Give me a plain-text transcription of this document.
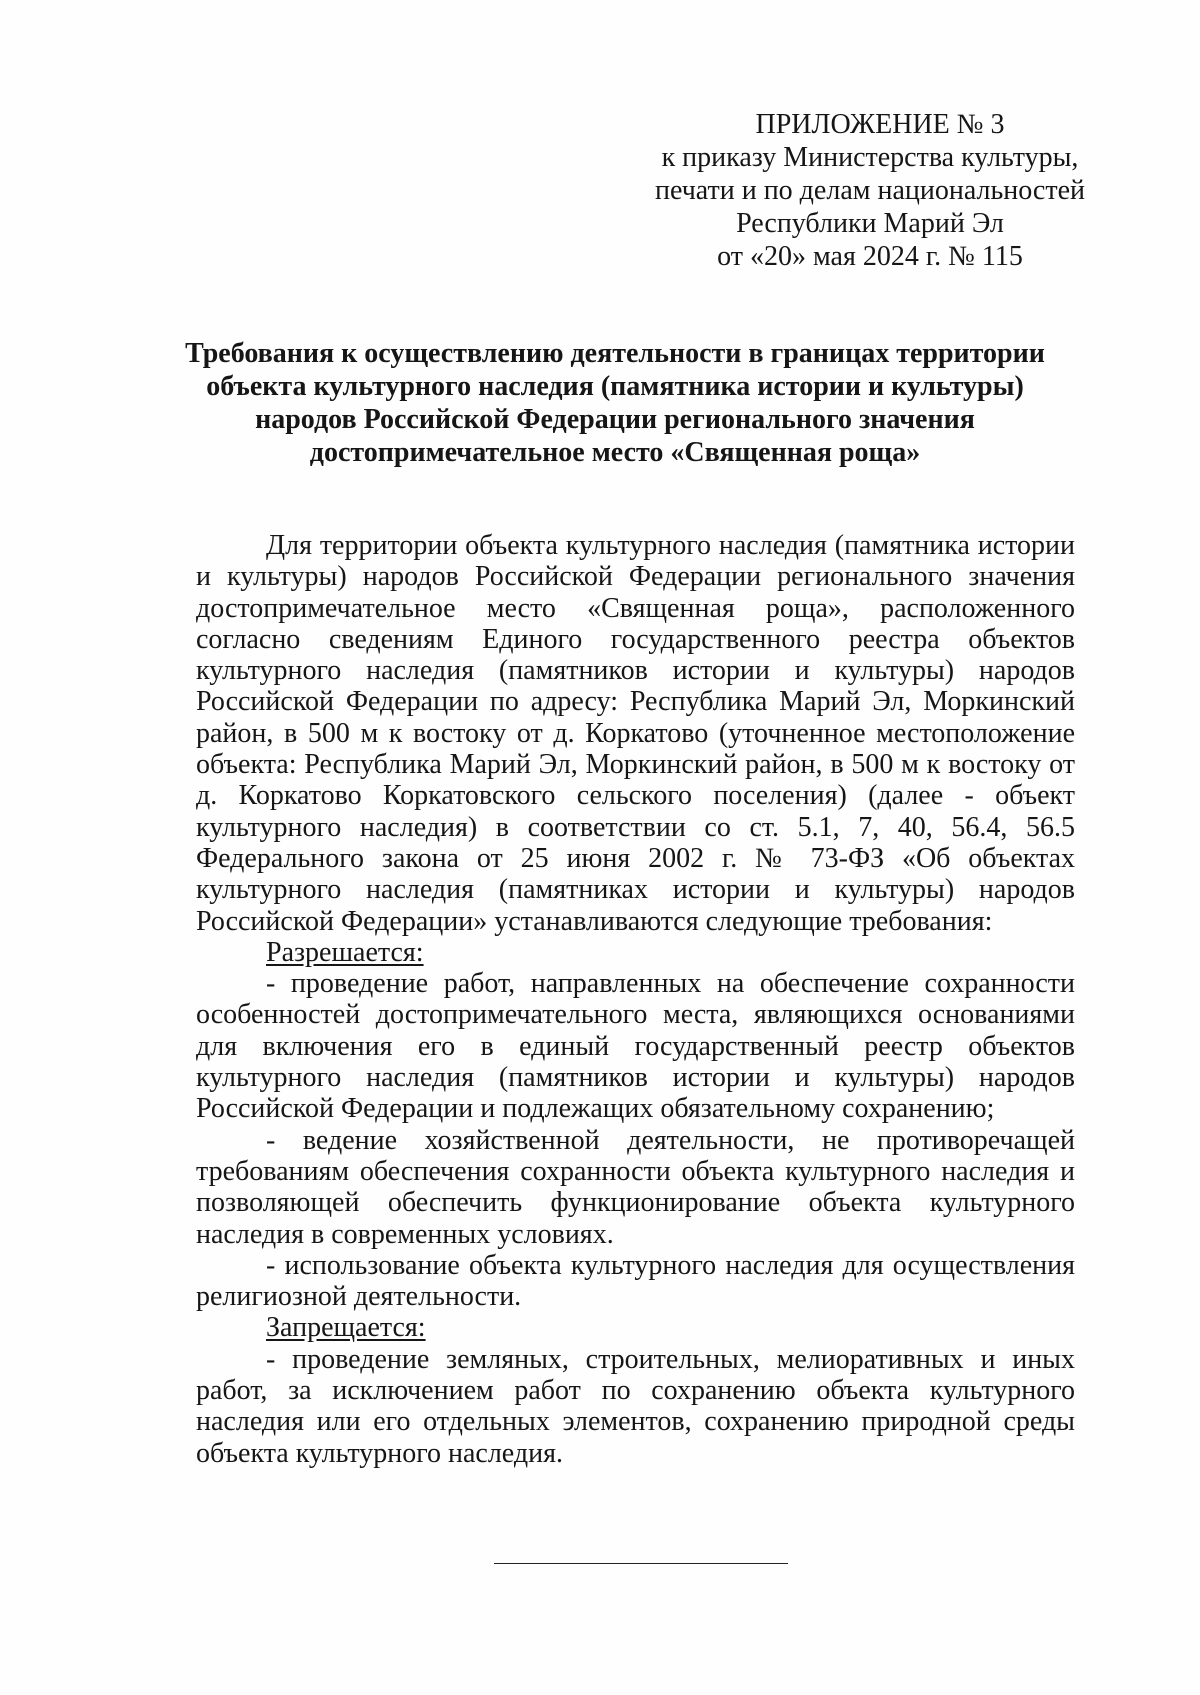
ПРИЛОЖЕНИЕ № 3
к приказу Министерства культуры,
печати и по делам национальностей
Республики Марий Эл
от «20» мая 2024 г. № 115
Требования к осуществлению деятельности в границах территории
объекта культурного наследия (памятника истории и культуры)
народов Российской Федерации регионального значения
достопримечательное место «Священная роща»

Для территории объекта культурного наследия (памятника истории и культуры) народов Российской Федерации регионального значения достопримечательное место «Священная роща», расположенного согласно сведениям Единого государственного реестра объектов культурного наследия (памятников истории и культуры) народов Российской Федерации по адресу: Республика Марий Эл, Моркинский район, в 500 м к востоку от д. Коркатово (уточненное местоположение объекта: Республика Марий Эл, Моркинский район, в 500 м к востоку от д. Коркатово Коркатовского сельского поселения) (далее - объект культурного наследия) в соответствии со ст. 5.1, 7, 40, 56.4, 56.5 Федерального закона от 25 июня 2002 г. № 73-ФЗ «Об объектах культурного наследия (памятниках истории и культуры) народов Российской Федерации» устанавливаются следующие требования:

Разрешается:

- проведение работ, направленных на обеспечение сохранности особенностей достопримечательного места, являющихся основаниями для включения его в единый государственный реестр объектов культурного наследия (памятников истории и культуры) народов Российской Федерации и подлежащих обязательному сохранению;

- ведение хозяйственной деятельности, не противоречащей требованиям обеспечения сохранности объекта культурного наследия и позволяющей обеспечить функционирование объекта культурного наследия в современных условиях.

- использование объекта культурного наследия для осуществления религиозной деятельности.

Запрещается:

- проведение земляных, строительных, мелиоративных и иных работ, за исключением работ по сохранению объекта культурного наследия или его отдельных элементов, сохранению природной среды объекта культурного наследия.
